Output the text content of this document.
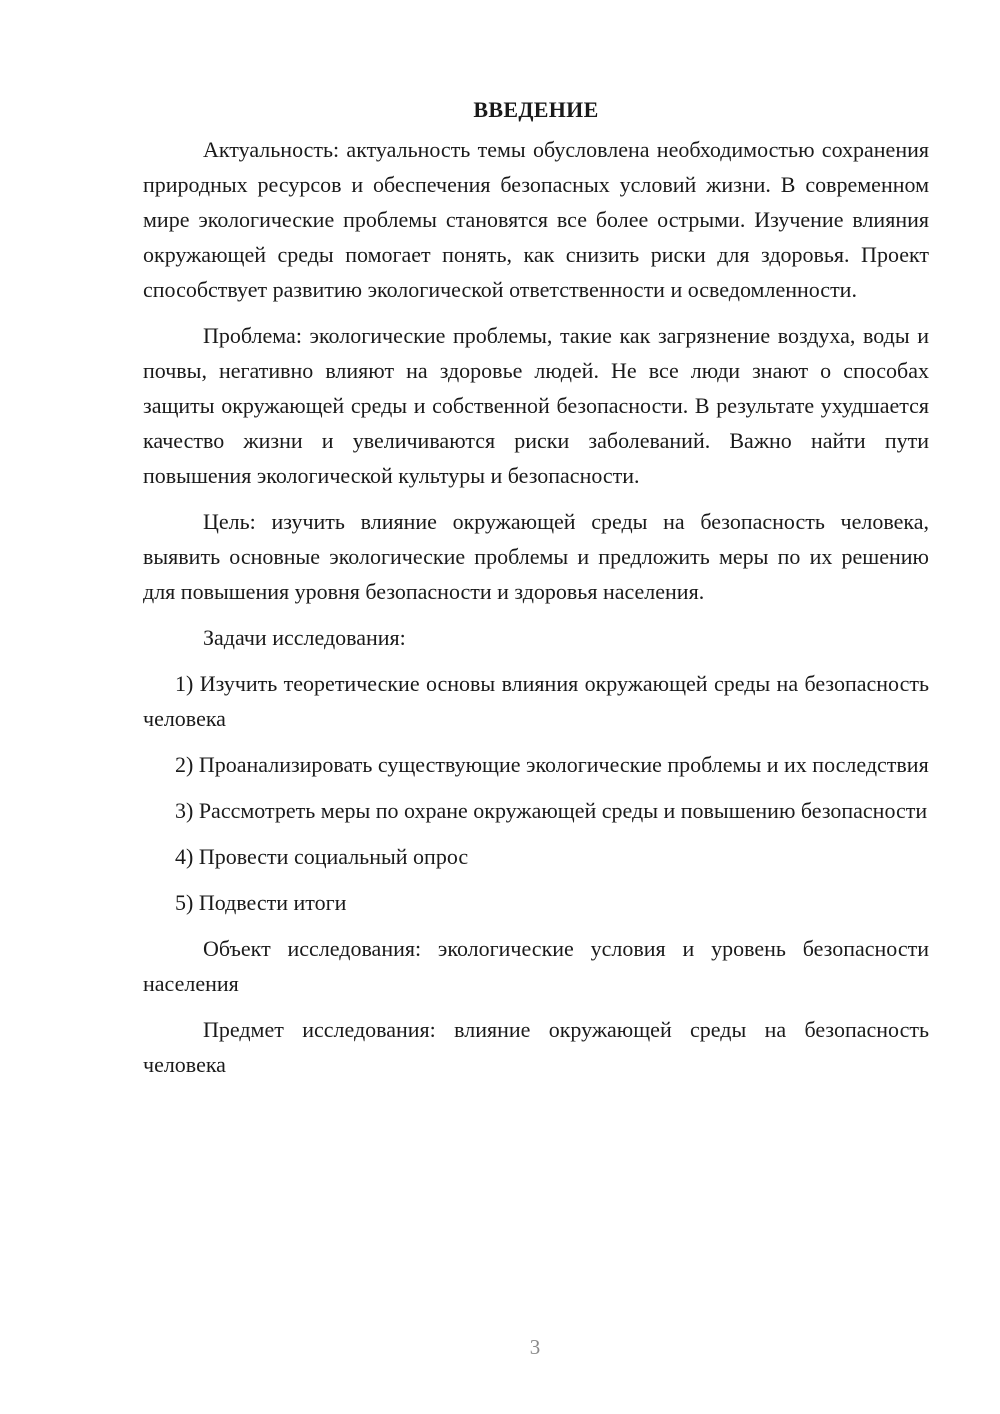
ВВЕДЕНИЕ

Актуальность: актуальность темы обусловлена необходимостью сохранения природных ресурсов и обеспечения безопасных условий жизни. В современном мире экологические проблемы становятся все более острыми. Изучение влияния окружающей среды помогает понять, как снизить риски для здоровья. Проект способствует развитию экологической ответственности и осведомленности.

Проблема: экологические проблемы, такие как загрязнение воздуха, воды и почвы, негативно влияют на здоровье людей. Не все люди знают о способах защиты окружающей среды и собственной безопасности. В результате ухудшается качество жизни и увеличиваются риски заболеваний. Важно найти пути повышения экологической культуры и безопасности.

Цель: изучить влияние окружающей среды на безопасность человека, выявить основные экологические проблемы и предложить меры по их решению для повышения уровня безопасности и здоровья населения.

Задачи исследования:

1) Изучить теоретические основы влияния окружающей среды на безопасность человека

2) Проанализировать существующие экологические проблемы и их последствия

3) Рассмотреть меры по охране окружающей среды и повышению безопасности

4) Провести социальный опрос

5) Подвести итоги

Объект исследования: экологические условия и уровень безопасности населения

Предмет исследования: влияние окружающей среды на безопасность человека

3
